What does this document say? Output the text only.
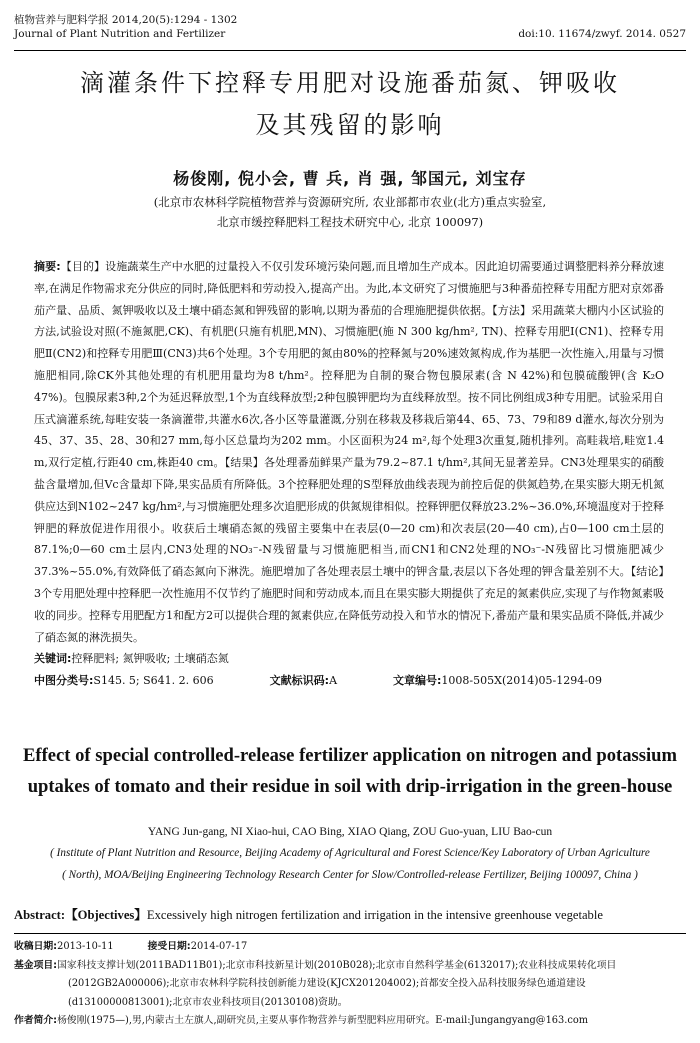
植物营养与肥料学报 2014,20(5):1294 - 1302
Journal of Plant Nutrition and Fertilizer	doi:10. 11674/zwyf. 2014. 0527
滴灌条件下控释专用肥对设施番茄氮、钾吸收
及其残留的影响
杨俊刚, 倪小会, 曹 兵, 肖 强, 邹国元, 刘宝存
(北京市农林科学院植物营养与资源研究所, 农业部都市农业(北方)重点实验室,
北京市缓控释肥料工程技术研究中心, 北京 100097)
摘要:【目的】设施蔬菜生产中水肥的过量投入不仅引发环境污染问题,而且增加生产成本。因此迫切需要通过调整肥料养分释放速率,在满足作物需求充分供应的同时,降低肥料和劳动投入,提高产出。为此,本文研究了习惯施肥与3种番茄控释专用配方肥对京郊番茄产量、品质、氮钾吸收以及土壤中硝态氮和钾残留的影响,以期为番茄的合理施肥提供依据。【方法】采用蔬菜大棚内小区试验的方法,试验设对照(不施氮肥,CK)、有机肥(只施有机肥,MN)、习惯施肥(施 N 300 kg/hm², TN)、控释专用肥Ⅰ(CN1)、控释专用肥Ⅱ(CN2)和控释专用肥Ⅲ(CN3)共6个处理。3个专用肥的氮由80%的控释氮与20%速效氮构成,作为基肥一次性施入,用量与习惯施肥相同,除CK外其他处理的有机肥用量均为8 t/hm²。控释肥为自制的聚合物包膜尿素(含 N 42%)和包膜硫酸钾(含 K₂O 47%)。包膜尿素3种,2个为延迟释放型,1个为直线释放型;2种包膜钾肥均为直线释放型。按不同比例组成3种专用肥。试验采用自压式滴灌系统,每畦安装一条滴灌带,共灌水6次,各小区等量灌溉,分别在移栽及移栽后第44、65、73、79和89 d灌水,每次分别为45、37、35、28、30和27 mm,每小区总量均为202 mm。小区面积为24 m²,每个处理3次重复,随机排列。高畦栽培,畦宽1.4 m,双行定植,行距40 cm,株距40 cm。【结果】各处理番茄鲜果产量为79.2~87.1 t/hm²,其间无显著差异。CN3处理果实的硝酸盐含量增加,但Vc含量却下降,果实品质有所降低。3个控释肥处理的S型释放曲线表现为前控后促的供氮趋势,在果实膨大期无机氮供应达到N102~247 kg/hm²,与习惯施肥处理多次追肥形成的供氮规律相似。控释钾肥仅释放23.2%~36.0%,环境温度对于控释钾肥的释放促进作用很小。收获后土壤硝态氮的残留主要集中在表层(0—20 cm)和次表层(20—40 cm),占0—100 cm土层的87.1%;0—60 cm土层内,CN3处理的NO₃⁻-N残留量与习惯施肥相当,而CN1和CN2处理的NO₃⁻-N残留比习惯施肥减少37.3%~55.0%,有效降低了硝态氮向下淋洗。施肥增加了各处理表层土壤中的钾含量,表层以下各处理的钾含量差别不大。【结论】3个专用肥处理中控释肥一次性施用不仅节约了施肥时间和劳动成本,而且在果实膨大期提供了充足的氮素供应,实现了与作物氮素吸收的同步。控释专用肥配方1和配方2可以提供合理的氮素供应,在降低劳动投入和节水的情况下,番茄产量和果实品质不降低,并减少了硝态氮的淋洗损失。
关键词:控释肥料; 氮钾吸收; 土壤硝态氮
中图分类号:S145. 5; S641. 2. 606	文献标识码:A	文章编号:1008-505X(2014)05-1294-09
Effect of special controlled-release fertilizer application on nitrogen and potassium
uptakes of tomato and their residue in soil with drip-irrigation in the green-house
YANG Jun-gang, NI Xiao-hui, CAO Bing, XIAO Qiang, ZOU Guo-yuan, LIU Bao-cun
( Institute of Plant Nutrition and Resource, Beijing Academy of Agricultural and Forest Science/Key Laboratory of Urban Agriculture
( North), MOA/Beijing Engineering Technology Research Center for Slow/Controlled-release Fertilizer, Beijing 100097, China )
Abstract:【Objectives】Excessively high nitrogen fertilization and irrigation in the intensive greenhouse vegetable
收稿日期: 2013-10-11	接受日期: 2014-07-17
基金项目: 国家科技支撑计划(2011BAD11B01);北京市科技新星计划(2010B028);北京市自然科学基金(6132017);农业科技成果转化项目
(2012GB2A000006);北京市农林科学院科技创新能力建设(KJCX201204002);首都安全投入品科技服务绿色通道建设
(d13100000813001);北京市农业科技项目(20130108)资助。
作者简介: 杨俊刚(1975—),男,内蒙古土左旗人,副研究员,主要从事作物营养与新型肥料应用研究。E-mail:Jungangyang@163.com
